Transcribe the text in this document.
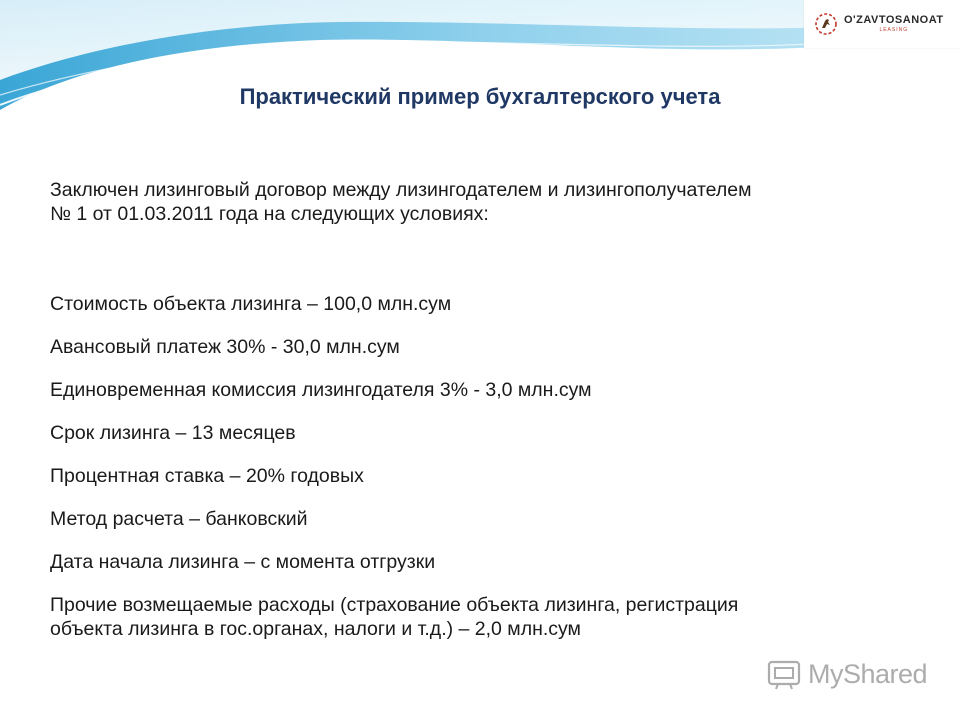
O'ZAVTOSANOAT
LEASING
Практический пример бухгалтерского учета

Заключен лизинговый договор между лизингодателем и лизингополучателем
№ 1 от 01.03.2011 года на следующих условиях:

Стоимость объекта лизинга – 100,0 млн.сум
Авансовый платеж 30% - 30,0 млн.сум
Единовременная комиссия лизингодателя 3% - 3,0 млн.сум
Срок лизинга – 13 месяцев
Процентная ставка – 20% годовых
Метод расчета – банковский
Дата начала лизинга – с момента отгрузки
Прочие возмещаемые расходы (страхование объекта лизинга, регистрация
объекта лизинга в гос.органах, налоги и т.д.) – 2,0 млн.сум
MyShared
